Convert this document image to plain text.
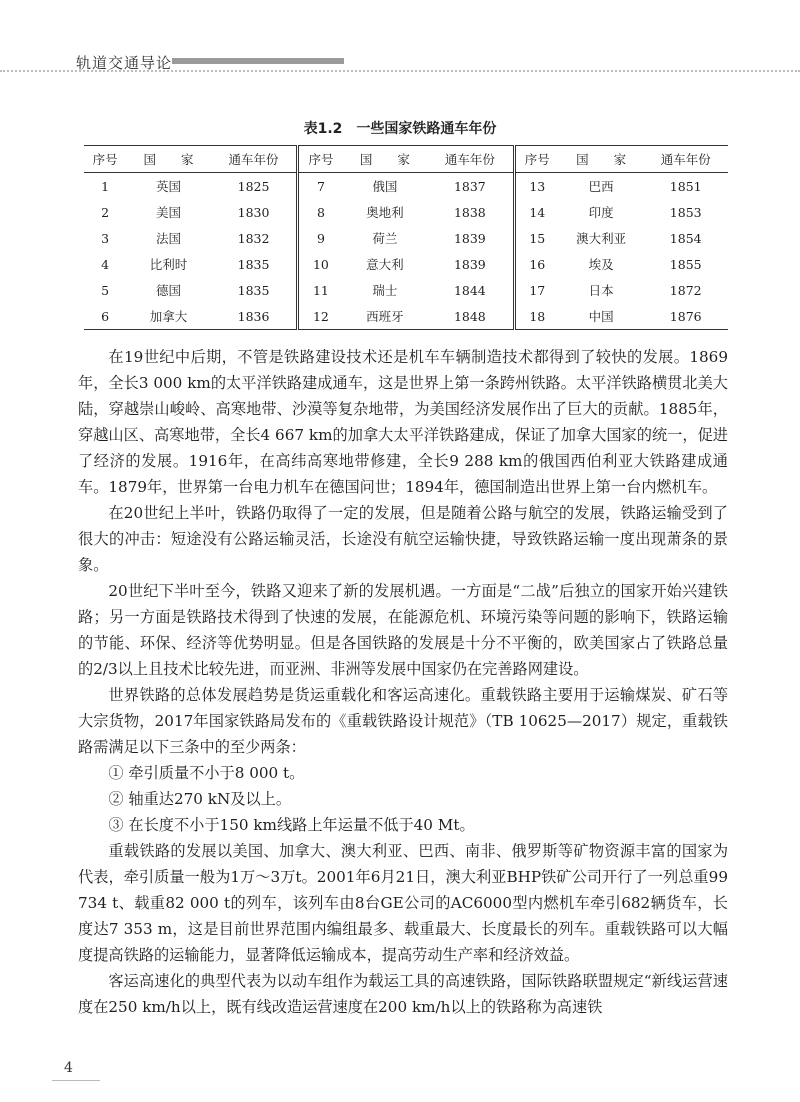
轨道交通导论
表1.2　一些国家铁路通车年份
序号	国　　家	通车年份	序号	国　　家	通车年份	序号	国　　家	通车年份
1	英国	1825	7	俄国	1837	13	巴西	1851
2	美国	1830	8	奥地利	1838	14	印度	1853
3	法国	1832	9	荷兰	1839	15	澳大利亚	1854
4	比利时	1835	10	意大利	1839	16	埃及	1855
5	德国	1835	11	瑞士	1844	17	日本	1872
6	加拿大	1836	12	西班牙	1848	18	中国	1876

在19世纪中后期，不管是铁路建设技术还是机车车辆制造技术都得到了较快的发展。1869年，全长3 000 km的太平洋铁路建成通车，这是世界上第一条跨州铁路。太平洋铁路横贯北美大陆，穿越崇山峻岭、高寒地带、沙漠等复杂地带，为美国经济发展作出了巨大的贡献。1885年，穿越山区、高寒地带，全长4 667 km的加拿大太平洋铁路建成，保证了加拿大国家的统一，促进了经济的发展。1916年，在高纬高寒地带修建，全长9 288 km的俄国西伯利亚大铁路建成通车。1879年，世界第一台电力机车在德国问世；1894年，德国制造出世界上第一台内燃机车。

在20世纪上半叶，铁路仍取得了一定的发展，但是随着公路与航空的发展，铁路运输受到了很大的冲击：短途没有公路运输灵活，长途没有航空运输快捷，导致铁路运输一度出现萧条的景象。

20世纪下半叶至今，铁路又迎来了新的发展机遇。一方面是“二战”后独立的国家开始兴建铁路；另一方面是铁路技术得到了快速的发展，在能源危机、环境污染等问题的影响下，铁路运输的节能、环保、经济等优势明显。但是各国铁路的发展是十分不平衡的，欧美国家占了铁路总量的2/3以上且技术比较先进，而亚洲、非洲等发展中国家仍在完善路网建设。

世界铁路的总体发展趋势是货运重载化和客运高速化。重载铁路主要用于运输煤炭、矿石等大宗货物，2017年国家铁路局发布的《重载铁路设计规范》（TB 10625—2017）规定，重载铁路需满足以下三条中的至少两条：

① 牵引质量不小于8 000 t。

② 轴重达270 kN及以上。

③ 在长度不小于150 km线路上年运量不低于40 Mt。

重载铁路的发展以美国、加拿大、澳大利亚、巴西、南非、俄罗斯等矿物资源丰富的国家为代表，牵引质量一般为1万～3万t。2001年6月21日，澳大利亚BHP铁矿公司开行了一列总重99 734 t、载重82 000 t的列车，该列车由8台GE公司的AC6000型内燃机车牵引682辆货车，长度达7 353 m，这是目前世界范围内编组最多、载重最大、长度最长的列车。重载铁路可以大幅度提高铁路的运输能力，显著降低运输成本，提高劳动生产率和经济效益。

客运高速化的典型代表为以动车组作为载运工具的高速铁路，国际铁路联盟规定“新线运营速度在250 km/h以上，既有线改造运营速度在200 km/h以上的铁路称为高速铁

4
